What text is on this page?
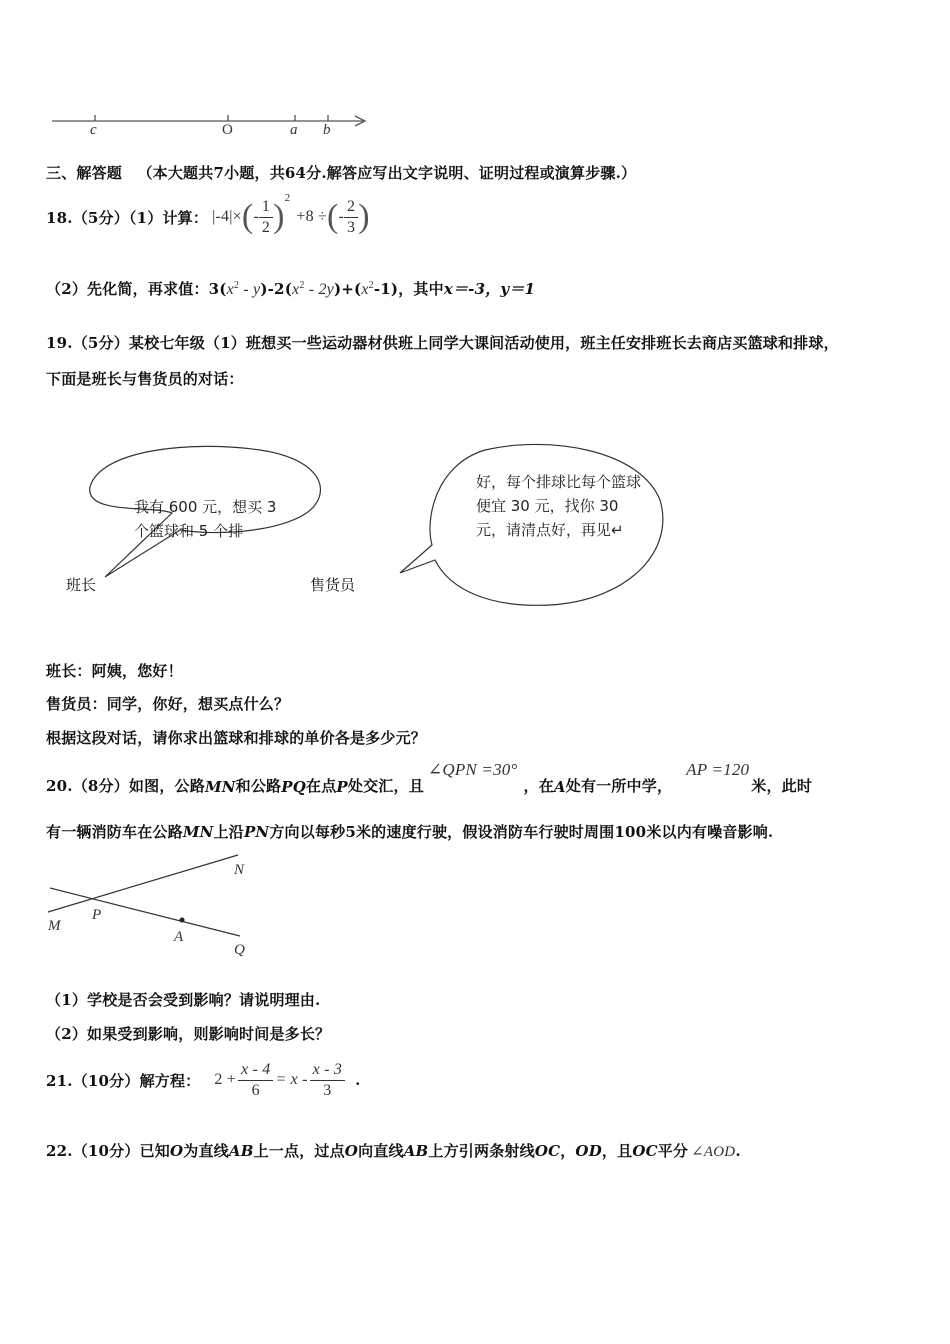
c	O	a b
三、解答题 （本大题共7小题，共64分.解答应写出文字说明、证明过程或演算步骤.）
18.（5分）（1）计算： |-4| × ( - $\frac{1}{2}$ ) 2
+8 ÷ ( - $\frac{2}{3}$ )
（2）先化简，再求值：$3(x^2 - y)-2(x^2 - 2y)+(x^2-1)$，其中x＝-3，y＝1
19.（5分）某校七年级（1）班想买一些运动器材供班上同学大课间活动使用，班主任安排班长去商店买篮球和排球，
下面是班长与售货员的对话：
我有 600 元，想买 3 个篮球和 5 个排
好，每个排球比每个篮球便宜 30 元，找你 30 元，请清点好，再见↵
班长	售货员
班长：阿姨，您好！
售货员：同学，你好，想买点什么？
根据这段对话，请你求出篮球和排球的单价各是多少元？
20.（8分）如图，公路 MN 和公路 PQ 在点 P 处交汇，且
∠QPN =30°
，在 A 处有一所中学，
AP =120
米，此时
有一辆消防车在公路MN上沿PN方向以每秒5米的速度行驶，假设消防车行驶时周围100米以内有噪音影响.
N
M
P
A
Q
（1）学校是否会受到影响？请说明理由.
（2）如果受到影响，则影响时间是多长？
21.（10分）解方程： $2 + \frac{x - 4}{6} = x - \frac{x - 3}{3}$ .
22.（10分）已知O为直线AB上一点，过点O向直线AB上方引两条射线OC，OD，且OC平分 ∠AOD.
